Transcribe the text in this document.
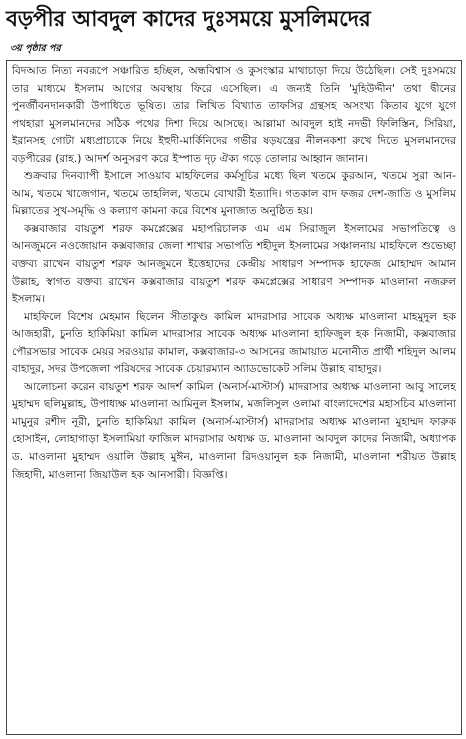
বড়পীর আবদুল কাদের দুঃসময়ে মুসলিমদের
৩য় পৃষ্ঠার পর

বিদআত নিত্য নবরূপে সঞ্চারিত হচ্ছিল, অন্ধবিশ্বাস ও কুসংস্কার মাথাচাড়া দিয়ে উঠেছিল। সেই দুঃসময়ে তার মাধ্যমে ইসলাম আগের অবস্থায় ফিরে এসেছিল। এ জন্যই তিনি 'মুহিউদ্দীন' তথা দ্বীনের পুনর্জীবনদানকারী উপাধিতে ভূষিত। তার লিখিত বিখ্যাত তাফসির গ্রন্থসহ অসংখ্য কিতাব যুগে যুগে পথহারা মুসলমানদের সঠিক পথের দিশা দিয়ে আসছে। আল্লামা আবদুল হাই নদভী ফিলিস্তিন, সিরিয়া, ইরানসহ গোটা মধ্যপ্রাচ্যকে নিয়ে ইহুদী-মার্কিনিদের গভীর ষড়যন্ত্রের নীলনকশা রুখে দিতে মুসলমানদের বড়পীরের (রাহ.) আদর্শ অনুসরণ করে ইস্পাত দৃঢ় ঐক্য গড়ে তোলার আহ্বান জানান।

শুক্রবার দিনব্যাপী ইসালে সাওয়াব মাহফিলের কর্মসূচির মধ্যে ছিল খতমে কুরআন, খতমে সুরা আন-আম, খতমে খাজেগান, খতমে তাহলিল, খতমে বোখারী ইত্যাদি। গতকাল বাদ ফজর দেশ-জাতি ও মুসলিম মিল্লাতের সুখ-সমৃদ্ধি ও কল্যাণ কামনা করে বিশেষ মুনাজাত অনুষ্ঠিত হয়।

কক্সবাজার বায়তুশ শরফ কমপ্লেক্সের মহাপরিচালক এম এম সিরাজুল ইসলামের সভাপতিত্বে ও আনজুমনে নওজোয়ান কক্সবাজার জেলা শাখার সভাপতি শহীদুল ইসলামের সঞ্চালনায় মাহফিলে শুভেচ্ছা বক্তব্য রাখেন বায়তুশ শরফ আনজুমনে ইত্তেহাদের কেন্দ্রীয় সাধারণ সম্পাদক হাফেজ মোহাম্মদ আমান উল্লাহ, স্বাগত বক্তব্য রাখেন কক্সবাজার বায়তুশ শরফ কমপ্লেক্সের সাধারণ সম্পাদক মাওলানা নজরুল ইসলাম।

মাহফিলে বিশেষ মেহমান ছিলেন সীতাকুণ্ড কামিল মাদরাসার সাবেক অধ্যক্ষ মাওলানা মাহমুদুল হক আজহারী, চুনতি হাকিমিয়া কামিল মাদরাসার সাবেক অধ্যক্ষ মাওলানা হাফিজুল হক নিজামী, কক্সবাজার পৌরসভার সাবেক মেয়র সরওয়ার কামাল, কক্সবাজার-৩ আসনের জামায়াত মনোনীত প্রার্থী শহিদুল আলম বাহাদুর, সদর উপজেলা পরিষদের সাবেক চেয়ারম্যান অ্যাডভোকেট সলিম উল্লাহ বাহাদুর।

আলোচনা করেন বায়তুশ শরফ আদর্শ কামিল (অনার্স-মাস্টার্স) মাদরাসার অধ্যক্ষ মাওলানা আবু সালেহ মুহাম্মদ ছলিমুল্লাহ, উপাধ্যক্ষ মাওলানা আমিনুল ইসলাম, মজলিসুল ওলামা বাংলাদেশের মহাসচিব মাওলানা মামুনুর রশীদ নূরী, চুনতি হাকিমিয়া কামিল (অনার্স-মাস্টার্স) মাদরাসার অধ্যক্ষ মাওলানা মুহাম্মদ ফারুক হোসাইন, লোহাগাড়া ইসলামিয়া ফাজিল মাদরাসার অধ্যক্ষ ড. মাওলানা আবদুল কাদের নিজামী, অধ্যাপক ড. মাওলানা মুহাম্মদ ওয়ালি উল্লাহ মুঈন, মাওলানা রিদওয়ানুল হক নিজামী, মাওলানা শরীয়ত উল্লাহ জিহাদী, মাওলানা জিয়াউল হক আনসারী। বিজ্ঞপ্তি।
